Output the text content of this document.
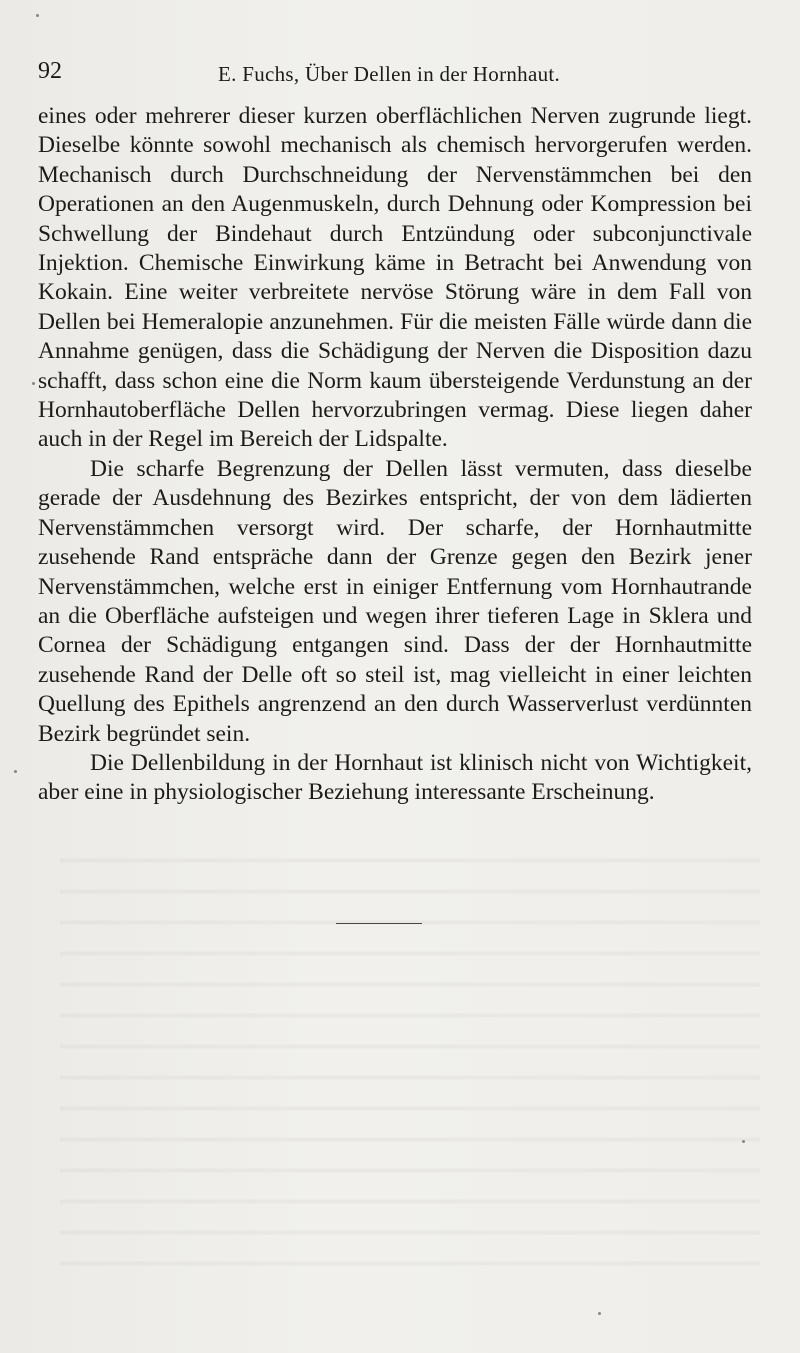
92	E. Fuchs, Über Dellen in der Hornhaut.

eines oder mehrerer dieser kurzen oberflächlichen Nerven zugrunde liegt. Dieselbe könnte sowohl mechanisch als chemisch hervorgerufen werden. Mechanisch durch Durchschneidung der Nervenstämmchen bei den Operationen an den Augenmuskeln, durch Dehnung oder Kompression bei Schwellung der Bindehaut durch Entzündung oder subconjunctivale Injektion. Chemische Einwirkung käme in Betracht bei Anwendung von Kokain. Eine weiter verbreitete nervöse Störung wäre in dem Fall von Dellen bei Hemeralopie anzunehmen. Für die meisten Fälle würde dann die Annahme genügen, dass die Schädigung der Nerven die Disposition dazu schafft, dass schon eine die Norm kaum übersteigende Verdunstung an der Hornhautoberfläche Dellen hervorzubringen vermag. Diese liegen daher auch in der Regel im Bereich der Lidspalte.

Die scharfe Begrenzung der Dellen lässt vermuten, dass dieselbe gerade der Ausdehnung des Bezirkes entspricht, der von dem lädierten Nervenstämmchen versorgt wird. Der scharfe, der Hornhautmitte zusehende Rand entspräche dann der Grenze gegen den Bezirk jener Nervenstämmchen, welche erst in einiger Entfernung vom Hornhautrande an die Oberfläche aufsteigen und wegen ihrer tieferen Lage in Sklera und Cornea der Schädigung entgangen sind. Dass der der Hornhautmitte zusehende Rand der Delle oft so steil ist, mag vielleicht in einer leichten Quellung des Epithels angrenzend an den durch Wasserverlust verdünnten Bezirk begründet sein.

Die Dellenbildung in der Hornhaut ist klinisch nicht von Wichtigkeit, aber eine in physiologischer Beziehung interessante Erscheinung.
